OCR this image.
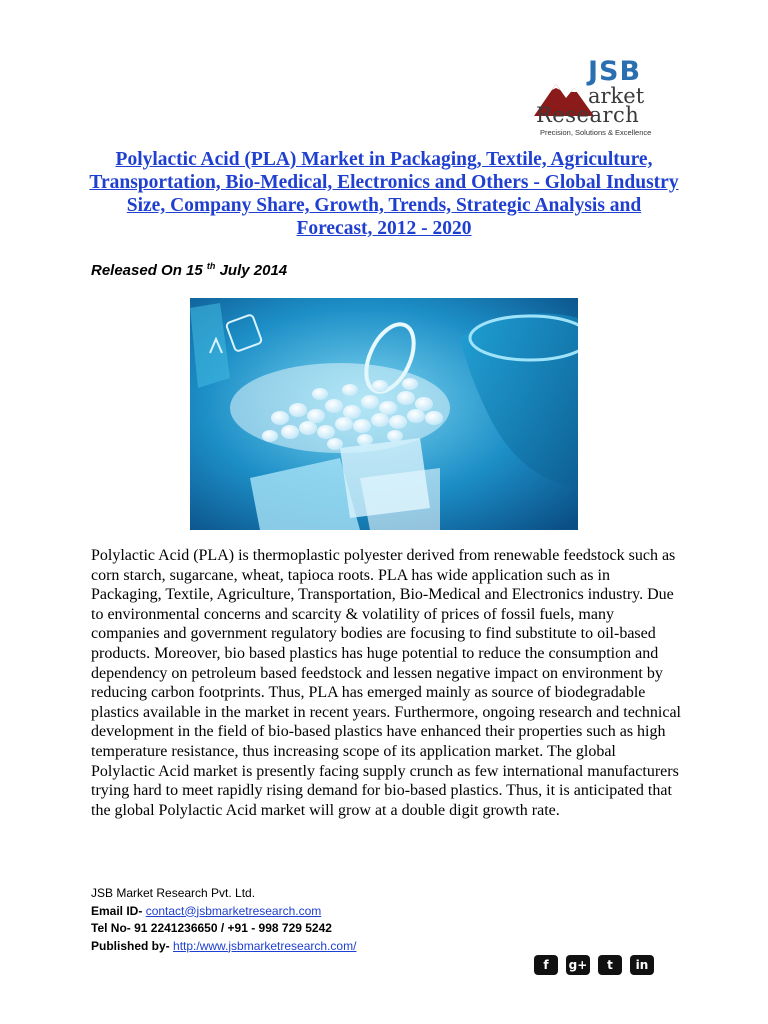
JSB
arket
Research
Precision, Solutions & Excellence
Polylactic Acid (PLA) Market in Packaging, Textile, Agriculture, Transportation, Bio-Medical, Electronics and Others - Global Industry Size, Company Share, Growth, Trends, Strategic Analysis and Forecast, 2012 - 2020
Released On 15 $^{th}$ July 2014

Polylactic Acid (PLA) is thermoplastic polyester derived from renewable feedstock such as corn starch, sugarcane, wheat, tapioca roots. PLA has wide application such as in Packaging, Textile, Agriculture, Transportation, Bio-Medical and Electronics industry. Due to environmental concerns and scarcity & volatility of prices of fossil fuels, many companies and government regulatory bodies are focusing to find substitute to oil-based products. Moreover, bio based plastics has huge potential to reduce the consumption and dependency on petroleum based feedstock and lessen negative impact on environment by reducing carbon footprints. Thus, PLA has emerged mainly as source of biodegradable plastics available in the market in recent years. Furthermore, ongoing research and technical development in the field of bio-based plastics have enhanced their properties such as high temperature resistance, thus increasing scope of its application market. The global Polylactic Acid market is presently facing supply crunch as few international manufacturers trying hard to meet rapidly rising demand for bio-based plastics. Thus, it is anticipated that the global Polylactic Acid market will grow at a double digit growth rate.

JSB Market Research Pvt. Ltd.
Email ID- contact@jsbmarketresearch.com
Tel No- 91 2241236650 / +91 - 998 729 5242
Published by- http:/www.jsbmarketresearch.com/
f	g+	t	in
